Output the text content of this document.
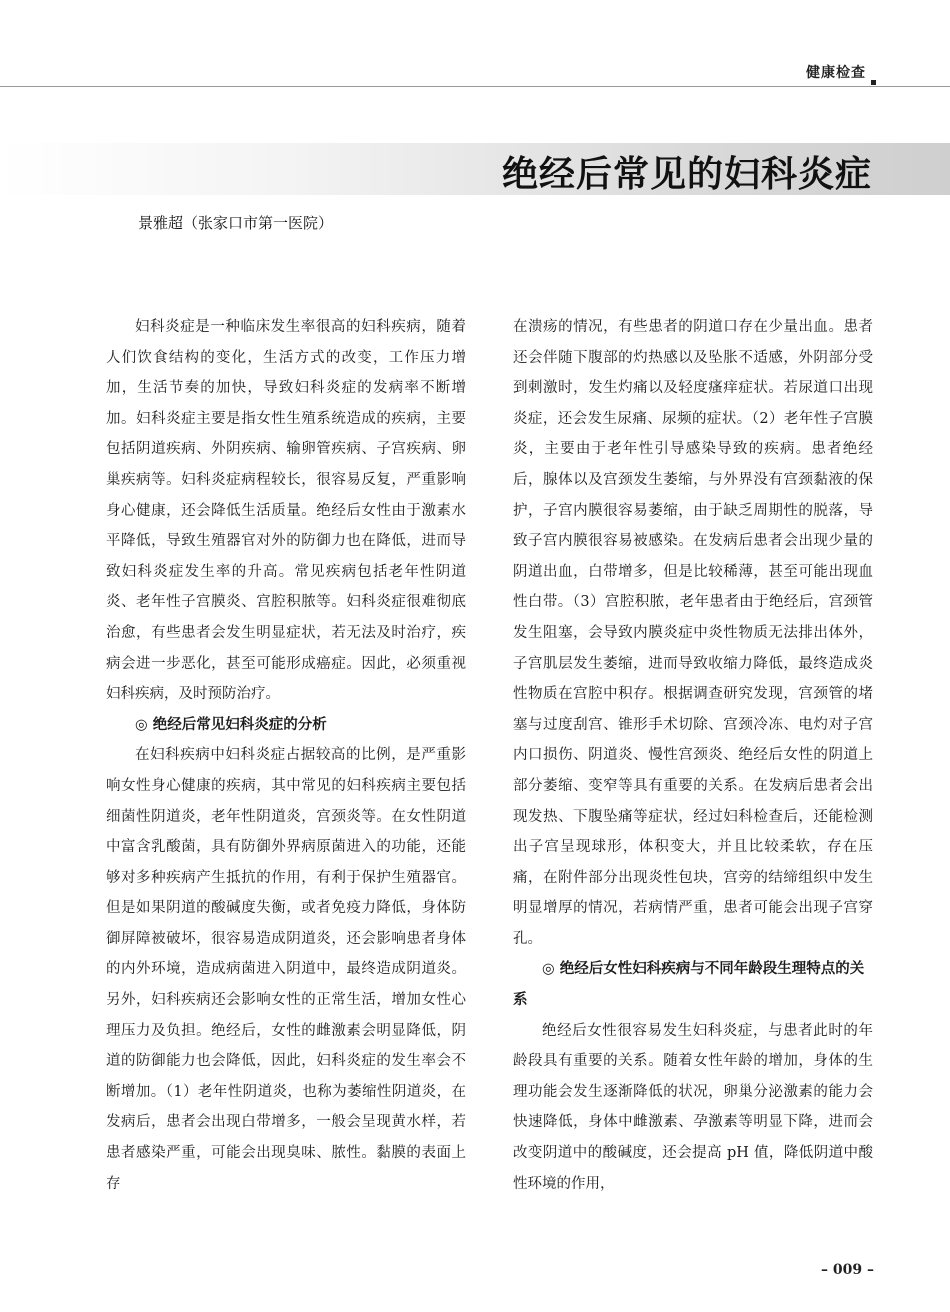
健康检查
绝经后常见的妇科炎症
景雅超（张家口市第一医院）

妇科炎症是一种临床发生率很高的妇科疾病，随着人们饮食结构的变化，生活方式的改变，工作压力增加，生活节奏的加快，导致妇科炎症的发病率不断增加。妇科炎症主要是指女性生殖系统造成的疾病，主要包括阴道疾病、外阴疾病、输卵管疾病、子宫疾病、卵巢疾病等。妇科炎症病程较长，很容易反复，严重影响身心健康，还会降低生活质量。绝经后女性由于激素水平降低，导致生殖器官对外的防御力也在降低，进而导致妇科炎症发生率的升高。常见疾病包括老年性阴道炎、老年性子宫膜炎、宫腔积脓等。妇科炎症很难彻底治愈，有些患者会发生明显症状，若无法及时治疗，疾病会进一步恶化，甚至可能形成癌症。因此，必须重视妇科疾病，及时预防治疗。

◎ 绝经后常见妇科炎症的分析

在妇科疾病中妇科炎症占据较高的比例，是严重影响女性身心健康的疾病，其中常见的妇科疾病主要包括细菌性阴道炎，老年性阴道炎，宫颈炎等。在女性阴道中富含乳酸菌，具有防御外界病原菌进入的功能，还能够对多种疾病产生抵抗的作用，有利于保护生殖器官。但是如果阴道的酸碱度失衡，或者免疫力降低，身体防御屏障被破坏，很容易造成阴道炎，还会影响患者身体的内外环境，造成病菌进入阴道中，最终造成阴道炎。另外，妇科疾病还会影响女性的正常生活，增加女性心理压力及负担。绝经后，女性的雌激素会明显降低，阴道的防御能力也会降低，因此，妇科炎症的发生率会不断增加。（1）老年性阴道炎，也称为萎缩性阴道炎，在发病后，患者会出现白带增多，一般会呈现黄水样，若患者感染严重，可能会出现臭味、脓性。黏膜的表面上存

在溃疡的情况，有些患者的阴道口存在少量出血。患者还会伴随下腹部的灼热感以及坠胀不适感，外阴部分受到刺激时，发生灼痛以及轻度瘙痒症状。若尿道口出现炎症，还会发生尿痛、尿频的症状。（2）老年性子宫膜炎，主要由于老年性引导感染导致的疾病。患者绝经后，腺体以及宫颈发生萎缩，与外界没有宫颈黏液的保护，子宫内膜很容易萎缩，由于缺乏周期性的脱落，导致子宫内膜很容易被感染。在发病后患者会出现少量的阴道出血，白带增多，但是比较稀薄，甚至可能出现血性白带。（3）宫腔积脓，老年患者由于绝经后，宫颈管发生阻塞，会导致内膜炎症中炎性物质无法排出体外，子宫肌层发生萎缩，进而导致收缩力降低，最终造成炎性物质在宫腔中积存。根据调查研究发现，宫颈管的堵塞与过度刮宫、锥形手术切除、宫颈冷冻、电灼对子宫内口损伤、阴道炎、慢性宫颈炎、绝经后女性的阴道上部分萎缩、变窄等具有重要的关系。在发病后患者会出现发热、下腹坠痛等症状，经过妇科检查后，还能检测出子宫呈现球形，体积变大，并且比较柔软，存在压痛，在附件部分出现炎性包块，宫旁的结缔组织中发生明显增厚的情况，若病情严重，患者可能会出现子宫穿孔。

◎ 绝经后女性妇科疾病与不同年龄段生理特点的关系

绝经后女性很容易发生妇科炎症，与患者此时的年龄段具有重要的关系。随着女性年龄的增加，身体的生理功能会发生逐渐降低的状况，卵巢分泌激素的能力会快速降低，身体中雌激素、孕激素等明显下降，进而会改变阴道中的酸碱度，还会提高 pH 值，降低阴道中酸性环境的作用，

– 009 –
